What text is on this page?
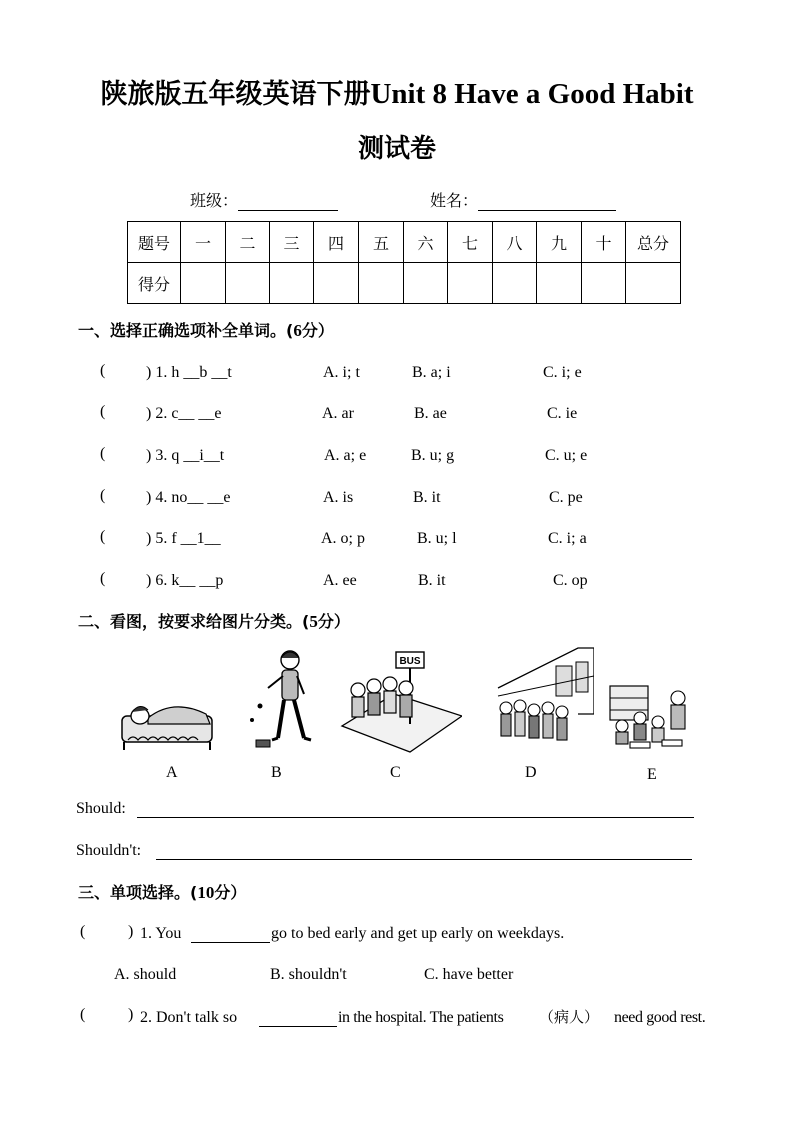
陕旅版五年级英语下册Unit 8 Have a Good Habit
测试卷
班级：	姓名：
题号	一	二	三	四	五	六	七	八	九	十	总分
得分											
一、选择正确选项补全单词。(6分）
(	) 1. h __b __t	A. i; t	B. a; i	C. i; e
(	) 2. c__ __e	A. ar	B. ae	C. ie
(	) 3. q __i__t	A. a; e	B. u; g	C. u; e
(	) 4. no__ __e	A. is	B. it	C. pe
(	) 5. f __1__	A. o; p	B. u; l	C. i; a
(	) 6. k__ __p	A. ee	B. it	C. op
二、看图，按要求给图片分类。(5分）
BUS
A	B	C	D	E
Should:
Shouldn't:
三、单项选择。(10分）
(	) 1. You	go to bed early and get up early on weekdays.
A. should	B. shouldn't	C. have better
(	) 2. Don't talk so	in the hospital. The patients （病人） need good rest.
